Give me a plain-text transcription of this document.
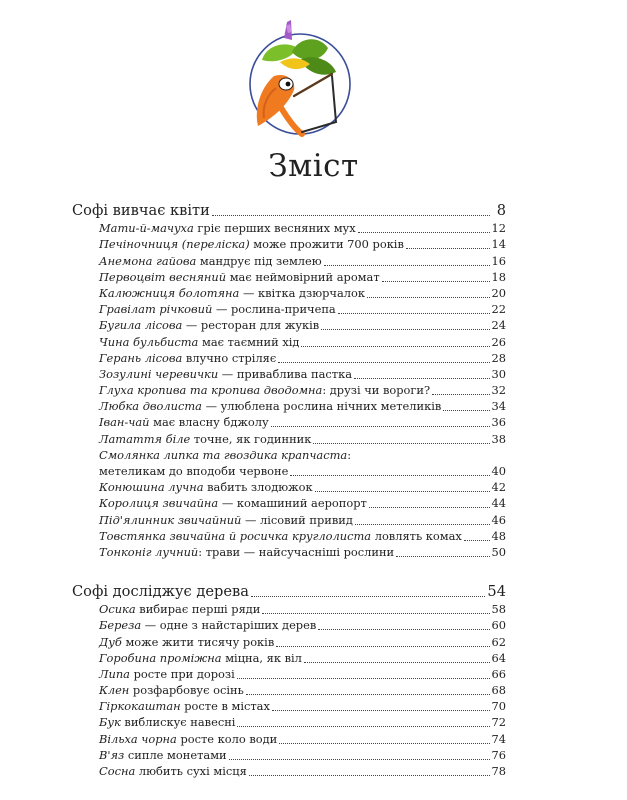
Зміст
Софі вивчає квіти	8
Мати-й-мачуха гріє перших весняних мух	12
Печіночниця (переліска) може прожити 700 років	14
Анемона гайова мандрує під землею	16
Первоцвіт весняний має неймовірний аромат	18
Калюжниця болотяна — квітка дзюрчалок	20
Гравілат річковий — рослина-причепа	22
Бугила лісова — ресторан для жуків	24
Чина бульбиста має таємний хід	26
Герань лісова влучно стріляє	28
Зозулині черевички — приваблива пастка	30
Глуха кропива та кропива дводомна: друзі чи вороги?	32
Любка дволиста — улюблена рослина нічних метеликів	34
Іван-чай має власну бджолу	36
Латаття біле точне, як годинник	38
Смолянка липка та гвоздика крапчаста:
метеликам до вподоби червоне	40
Конюшина лучна вабить злодюжок	42
Королиця звичайна — комашиний аеропорт	44
Під'ялинник звичайний — лісовий привид	46
Товстянка звичайна й росичка круглолиста ловлять комах	48
Тонконіг лучний: трави — найсучасніші рослини	50
Софі досліджує дерева	54
Осика вибирає перші ряди	58
Береза — одне з найстаріших дерев	60
Дуб може жити тисячу років	62
Горобина проміжна міцна, як віл	64
Липа росте при дорозі	66
Клен розфарбовує осінь	68
Гіркокаштан росте в містах	70
Бук виблискує навесні	72
Вільха чорна росте коло води	74
В'яз сипле монетами	76
Сосна любить сухі місця	78
